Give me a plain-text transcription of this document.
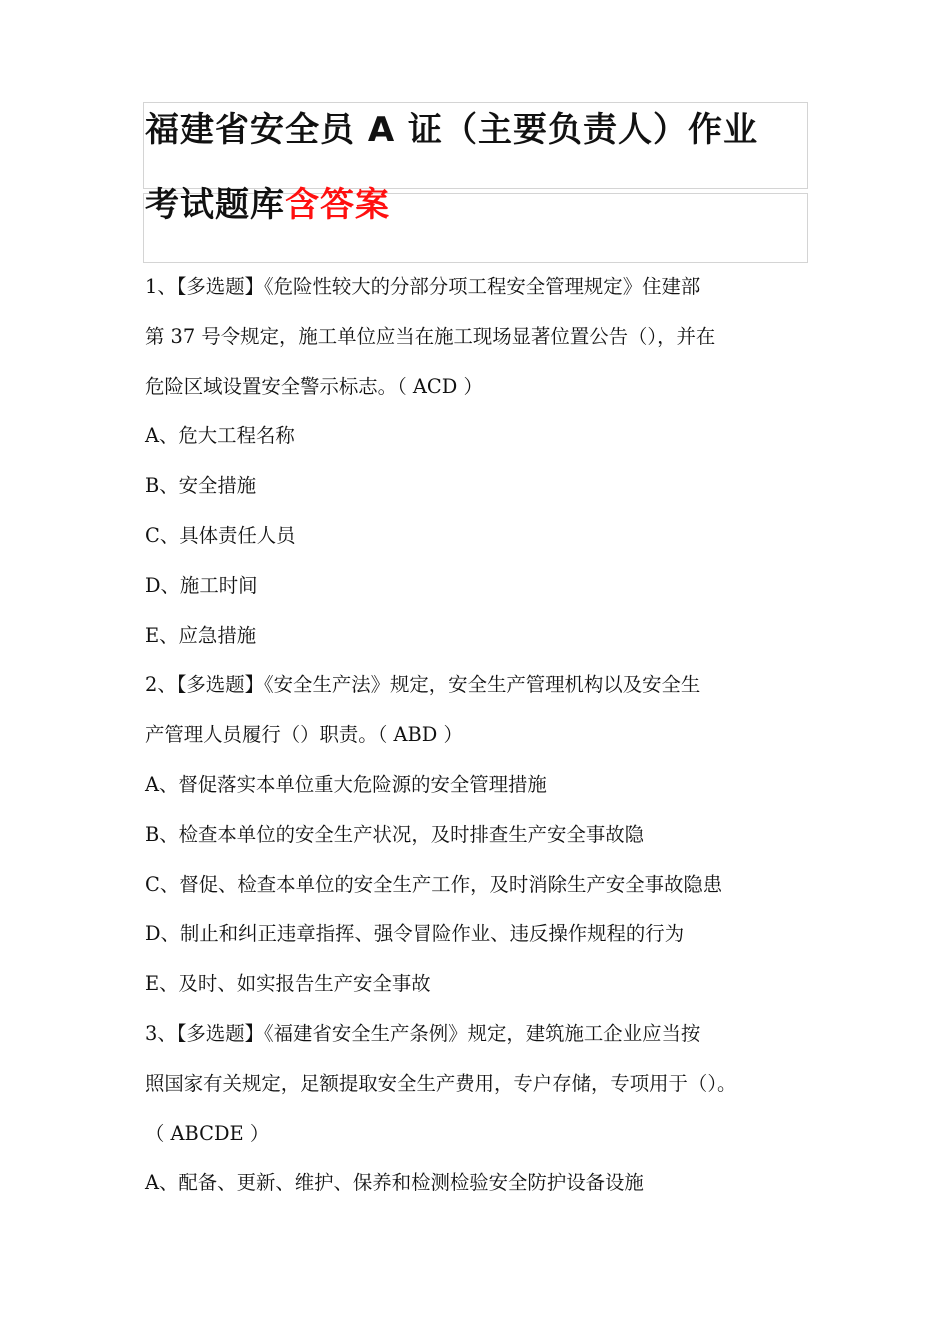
福建省安全员 A 证（主要负责人）作业
考试题库含答案

1、【多选题】《危险性较大的分部分项工程安全管理规定》住建部

第 37 号令规定，施工单位应当在施工现场显著位置公告（），并在

危险区域设置安全警示标志。（ ACD ）

A、危大工程名称

B、安全措施

C、具体责任人员

D、施工时间

E、应急措施

2、【多选题】《安全生产法》规定，安全生产管理机构以及安全生

产管理人员履行（）职责。（ ABD ）

A、督促落实本单位重大危险源的安全管理措施

B、检查本单位的安全生产状况，及时排查生产安全事故隐

C、督促、检查本单位的安全生产工作，及时消除生产安全事故隐患

D、制止和纠正违章指挥、强令冒险作业、违反操作规程的行为

E、及时、如实报告生产安全事故

3、【多选题】《福建省安全生产条例》规定，建筑施工企业应当按

照国家有关规定，足额提取安全生产费用，专户存储，专项用于（）。

（ ABCDE ）

A、配备、更新、维护、保养和检测检验安全防护设备设施
